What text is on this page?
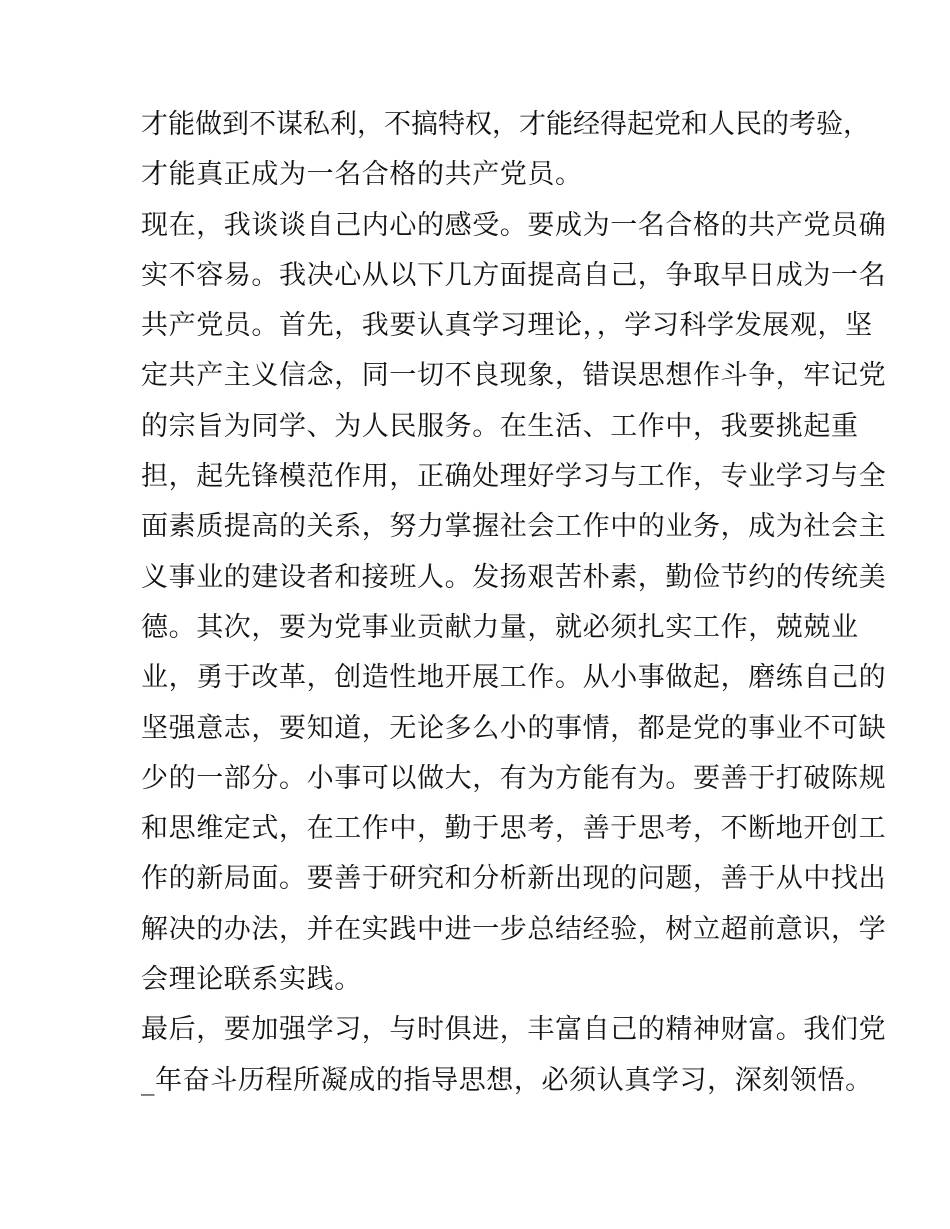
才能做到不谋私利，不搞特权，才能经得起党和人民的考验，
才能真正成为一名合格的共产党员。
现在，我谈谈自己内心的感受。要成为一名合格的共产党员确
实不容易。我决心从以下几方面提高自己，争取早日成为一名
共产党员。首先，我要认真学习理论，，学习科学发展观，坚
定共产主义信念，同一切不良现象，错误思想作斗争，牢记党
的宗旨为同学、为人民服务。在生活、工作中，我要挑起重
担，起先锋模范作用，正确处理好学习与工作，专业学习与全
面素质提高的关系，努力掌握社会工作中的业务，成为社会主
义事业的建设者和接班人。发扬艰苦朴素，勤俭节约的传统美
德。其次，要为党事业贡献力量，就必须扎实工作，兢兢业
业，勇于改革，创造性地开展工作。从小事做起，磨练自己的
坚强意志，要知道，无论多么小的事情，都是党的事业不可缺
少的一部分。小事可以做大，有为方能有为。要善于打破陈规
和思维定式，在工作中，勤于思考，善于思考，不断地开创工
作的新局面。要善于研究和分析新出现的问题，善于从中找出
解决的办法，并在实践中进一步总结经验，树立超前意识，学
会理论联系实践。
最后，要加强学习，与时俱进，丰富自己的精神财富。我们党
_年奋斗历程所凝成的指导思想，必须认真学习，深刻领悟。
